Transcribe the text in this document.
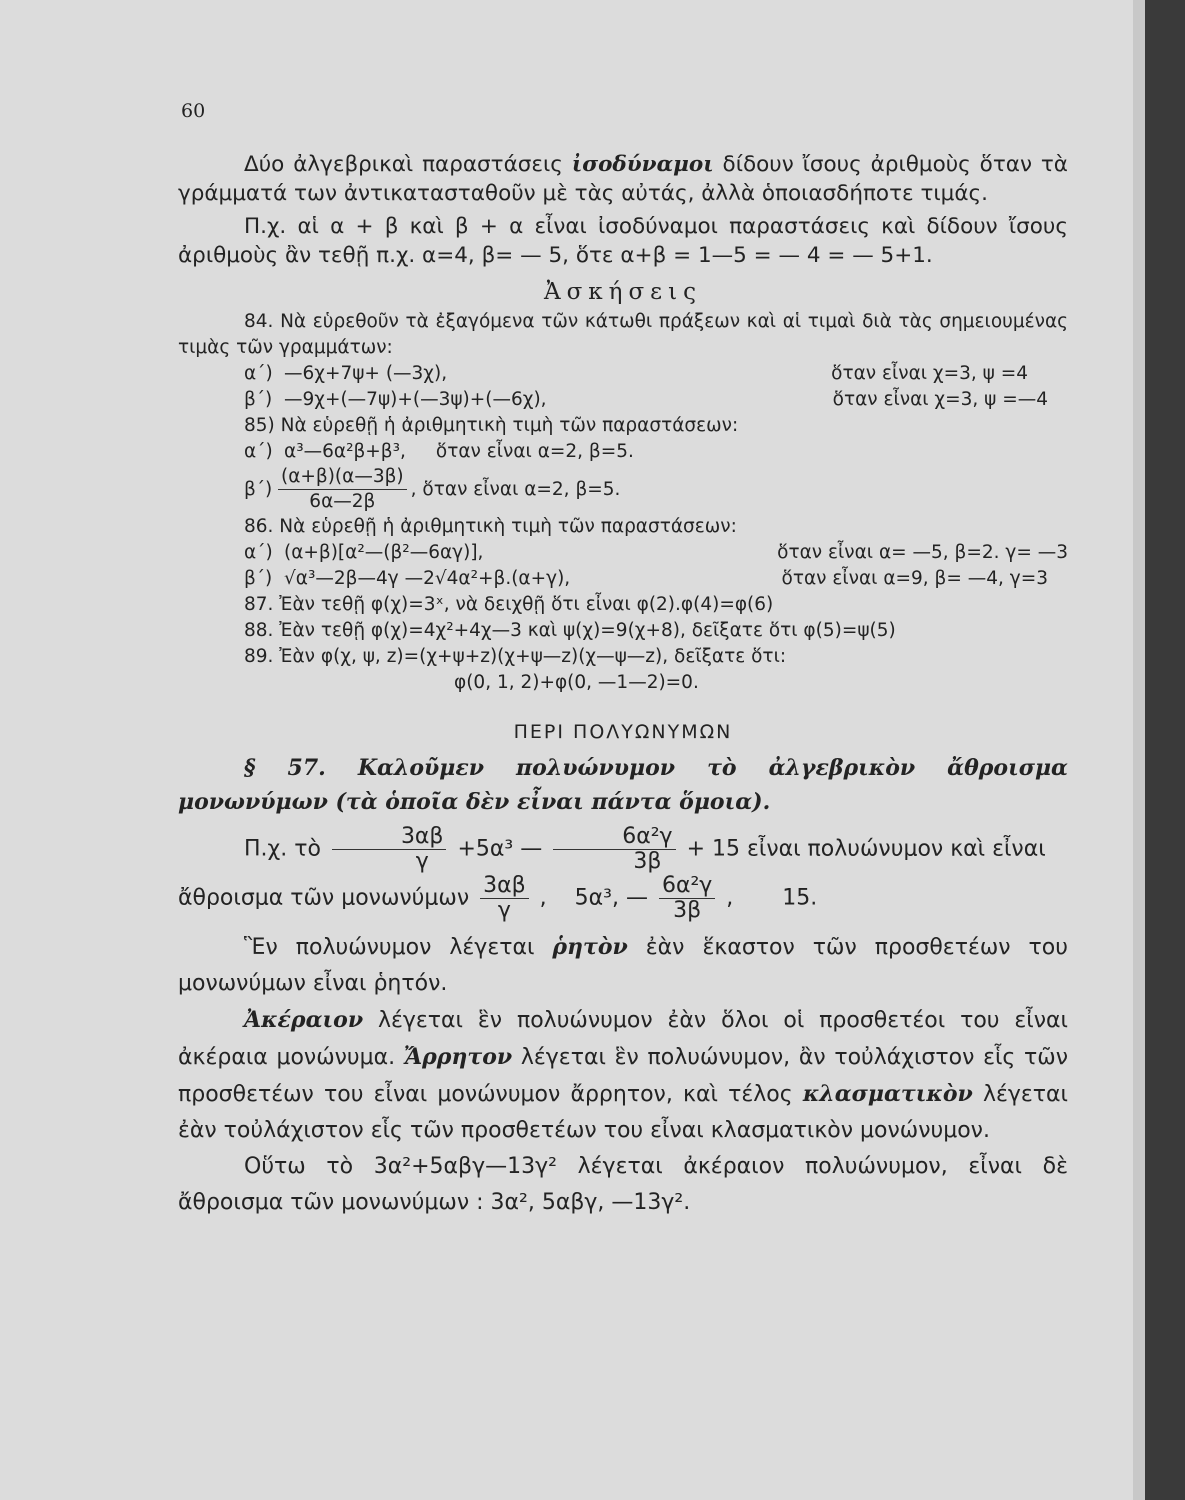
60

Δύο ἀλγεβρικαὶ παραστάσεις ἰσοδύναμοι δίδουν ἴσους ἀριθμοὺς ὅταν τὰ γράμματά των ἀντικατασταθοῦν μὲ τὰς αὐτάς, ἀλλὰ ὁποιασδήποτε τιμάς.

Π.χ. αἱ α + β καὶ β + α εἶναι ἰσοδύναμοι παραστάσεις καὶ δίδουν ἴσους ἀριθμοὺς ἂν τεθῇ π.χ. α=4, β= — 5, ὅτε α+β = 1—5 = — 4 = — 5+1.

Ἀσκήσεις

84. Νὰ εὑρεθοῦν τὰ ἐξαγόμενα τῶν κάτωθι πράξεων καὶ αἱ τιμαὶ διὰ τὰς σημειουμένας τιμὰς τῶν γραμμάτων:

α΄) —6χ+7ψ+ (—3χ),	ὅταν εἶναι χ=3, ψ =4
β΄) —9χ+(—7ψ)+(—3ψ)+(—6χ),	ὅταν εἶναι χ=3, ψ =—4
85) Νὰ εὑρεθῇ ἡ ἀριθμητικὴ τιμὴ τῶν παραστάσεων:
α΄) α³—6α²β+β³, ὅταν εἶναι α=2, β=5.
$\beta΄) \frac{(\alpha+\beta)(\alpha—3\beta)}{6\alpha—2\beta}$ , ὅταν εἶναι α=2, β=5.
86. Νὰ εὑρεθῇ ἡ ἀριθμητικὴ τιμὴ τῶν παραστάσεων:
α΄) (α+β)[α²—(β²—6αγ)],	ὅταν εἶναι α= —5, β=2. γ= —3
β΄) √α³—2β—4γ —2√4α²+β.(α+γ),	ὅταν εἶναι α=9, β= —4, γ=3
87. Ἐὰν τεθῇ φ(χ)=3ˣ, νὰ δειχθῇ ὅτι εἶναι φ(2).φ(4)=φ(6)
88. Ἐὰν τεθῇ φ(χ)=4χ²+4χ—3 καὶ ψ(χ)=9(χ+8), δεῖξατε ὅτι φ(5)=ψ(5)
89. Ἐὰν φ(χ, ψ, z)=(χ+ψ+z)(χ+ψ—z)(χ—ψ—z), δεῖξατε ὅτι:
φ(0, 1, 2)+φ(0, —1—2)=0.
ΠΕΡΙ ΠΟΛΥΩΝΥΜΩΝ

§ 57. Καλοῦμεν πολυώνυμον τὸ ἀλγεβρικὸν ἄθροισμα μονωνύμων (τὰ ὁποῖα δὲν εἶναι πάντα ὅμοια).

Π.χ. τὸ $\frac{3\alpha\beta}{\gamma} +5\alpha^3$ — $\frac{\text{6α²γ}}{3\beta} + 15$ εἶναι πολυώνυμον καὶ εἶναι
ἄθροισμα τῶν μονωνύμων $\frac{3\alpha\beta}{\gamma}$ ,    5α³, — $\frac{\text{6α²γ}}{3\beta}$ ,       15.

Ἓν πολυώνυμον λέγεται ῥητὸν ἐὰν ἕκαστον τῶν προσθετέων του μονωνύμων εἶναι ῥητόν.

Ἀκέραιον λέγεται ἓν πολυώνυμον ἐὰν ὅλοι οἱ προσθετέοι του εἶναι ἀκέραια μονώνυμα. Ἄρρητον λέγεται ἓν πολυώνυμον, ἂν τοὐλάχιστον εἷς τῶν προσθετέων του εἶναι μονώνυμον ἄρρητον, καὶ τέλος κλασματικὸν λέγεται ἐὰν τοὐλάχιστον εἷς τῶν προσθετέων του εἶναι κλασματικὸν μονώνυμον.

Οὕτω τὸ 3α²+5αβγ—13γ² λέγεται ἀκέραιον πολυώνυμον, εἶναι δὲ ἄθροισμα τῶν μονωνύμων : 3α², 5αβγ, —13γ².
